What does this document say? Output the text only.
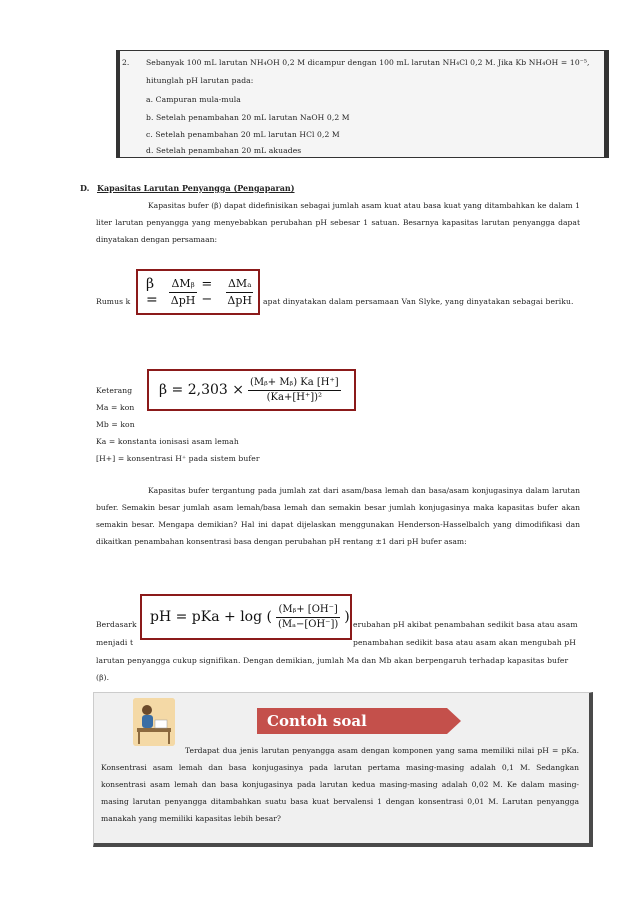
2. Sebanyak 100 mL larutan NH₄OH 0,2 M dicampur dengan 100 mL larutan NH₄Cl 0,2 M. Jika Kb NH₄OH = 10⁻⁵,
hitunglah pH larutan pada:
a. Campuran mula-mula
b. Setelah penambahan 20 mL larutan NaOH 0,2 M
c. Setelah penambahan 20 mL larutan HCl 0,2 M
d. Setelah penambahan 20 mL akuades
D. Kapasitas Larutan Penyangga (Pengaparan)
Kapasitas bufer (β) dapat didefinisikan sebagai jumlah asam kuat atau basa kuat yang ditambahkan ke dalam 1 liter larutan penyangga yang menyebabkan perubahan pH sebesar 1 satuan. Besarnya kapasitas larutan penyangga dapat dinyatakan dengan persamaan:
Rumus k	apat dinyatakan dalam persamaan Van Slyke, yang dinyatakan sebagai beriku.
β =	$\frac{\text{ΔMᵦ}}{\text{ΔpH}}$ = −	$\frac{\text{ΔMₐ}}{\text{ΔpH}}$
Keterang
Ma = kon
Mb = kon
Ka = konstanta ionisasi asam lemah
[H+] = konsentrasi H⁺ pada sistem bufer
$\beta = 2,303 \times \frac{\text{(Mᵦ+ Mᵦ) Ka [H⁺]}}{\text{(Ka+[H⁺])²}}$
Kapasitas bufer tergantung pada jumlah zat dari asam/basa lemah dan basa/asam konjugasinya dalam larutan bufer. Semakin besar jumlah asam lemah/basa lemah dan semakin besar jumlah konjugasinya maka kapasitas bufer akan semakin besar. Mengapa demikian? Hal ini dapat dijelaskan menggunakan Henderson-Hasselbalch yang dimodifikasi dan dikaitkan penambahan konsentrasi basa dengan perubahan pH rentang ±1 dari pH bufer asam:
Berdasark	erubahan pH akibat penambahan sedikit basa atau asam
menjadi t	penambahan sedikit basa atau asam akan mengubah pH
pH = pKa + log ( $\frac{\text{(Mᵦ+ [OH⁻]}}{\text{(Mₐ−[OH⁻])}}$ )
larutan penyangga cukup signifikan. Dengan demikian, jumlah Ma dan Mb akan berpengaruh terhadap kapasitas bufer
(β).
Contoh soal
Terdapat dua jenis larutan penyangga asam dengan komponen yang sama memiliki nilai pH = pKa. Konsentrasi asam lemah dan basa konjugasinya pada larutan pertama masing-masing adalah 0,1 M. Sedangkan konsentrasi asam lemah dan basa konjugasinya pada larutan kedua masing-masing adalah 0,02 M. Ke dalam masing-masing larutan penyangga ditambahkan suatu basa kuat bervalensi 1 dengan konsentrasi 0,01 M. Larutan penyangga manakah yang memiliki kapasitas lebih besar?
